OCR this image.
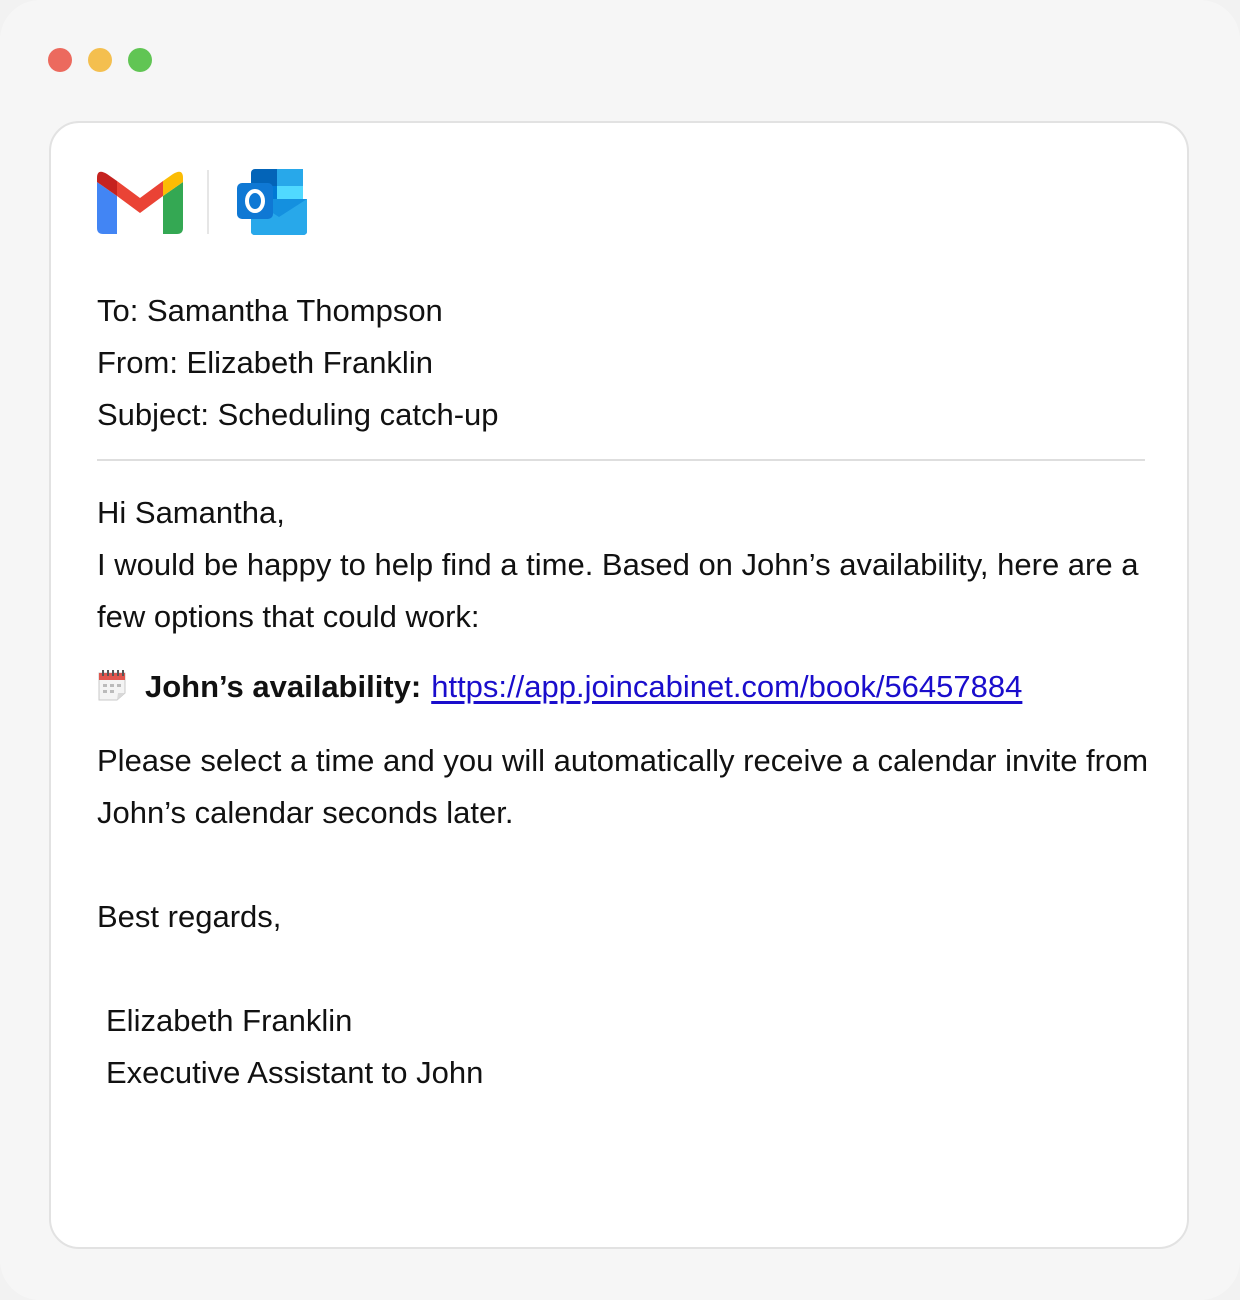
To: Samantha Thompson
From: Elizabeth Franklin
Subject: Scheduling catch-up
Hi Samantha,
I would be happy to help find a time. Based on John’s availability, here are a few options that could work:
John’s availability: https://app.joincabinet.com/book/56457884
Please select a time and you will automatically receive a calendar invite from John’s calendar seconds later.
Best regards,
Elizabeth Franklin
Executive Assistant to John
